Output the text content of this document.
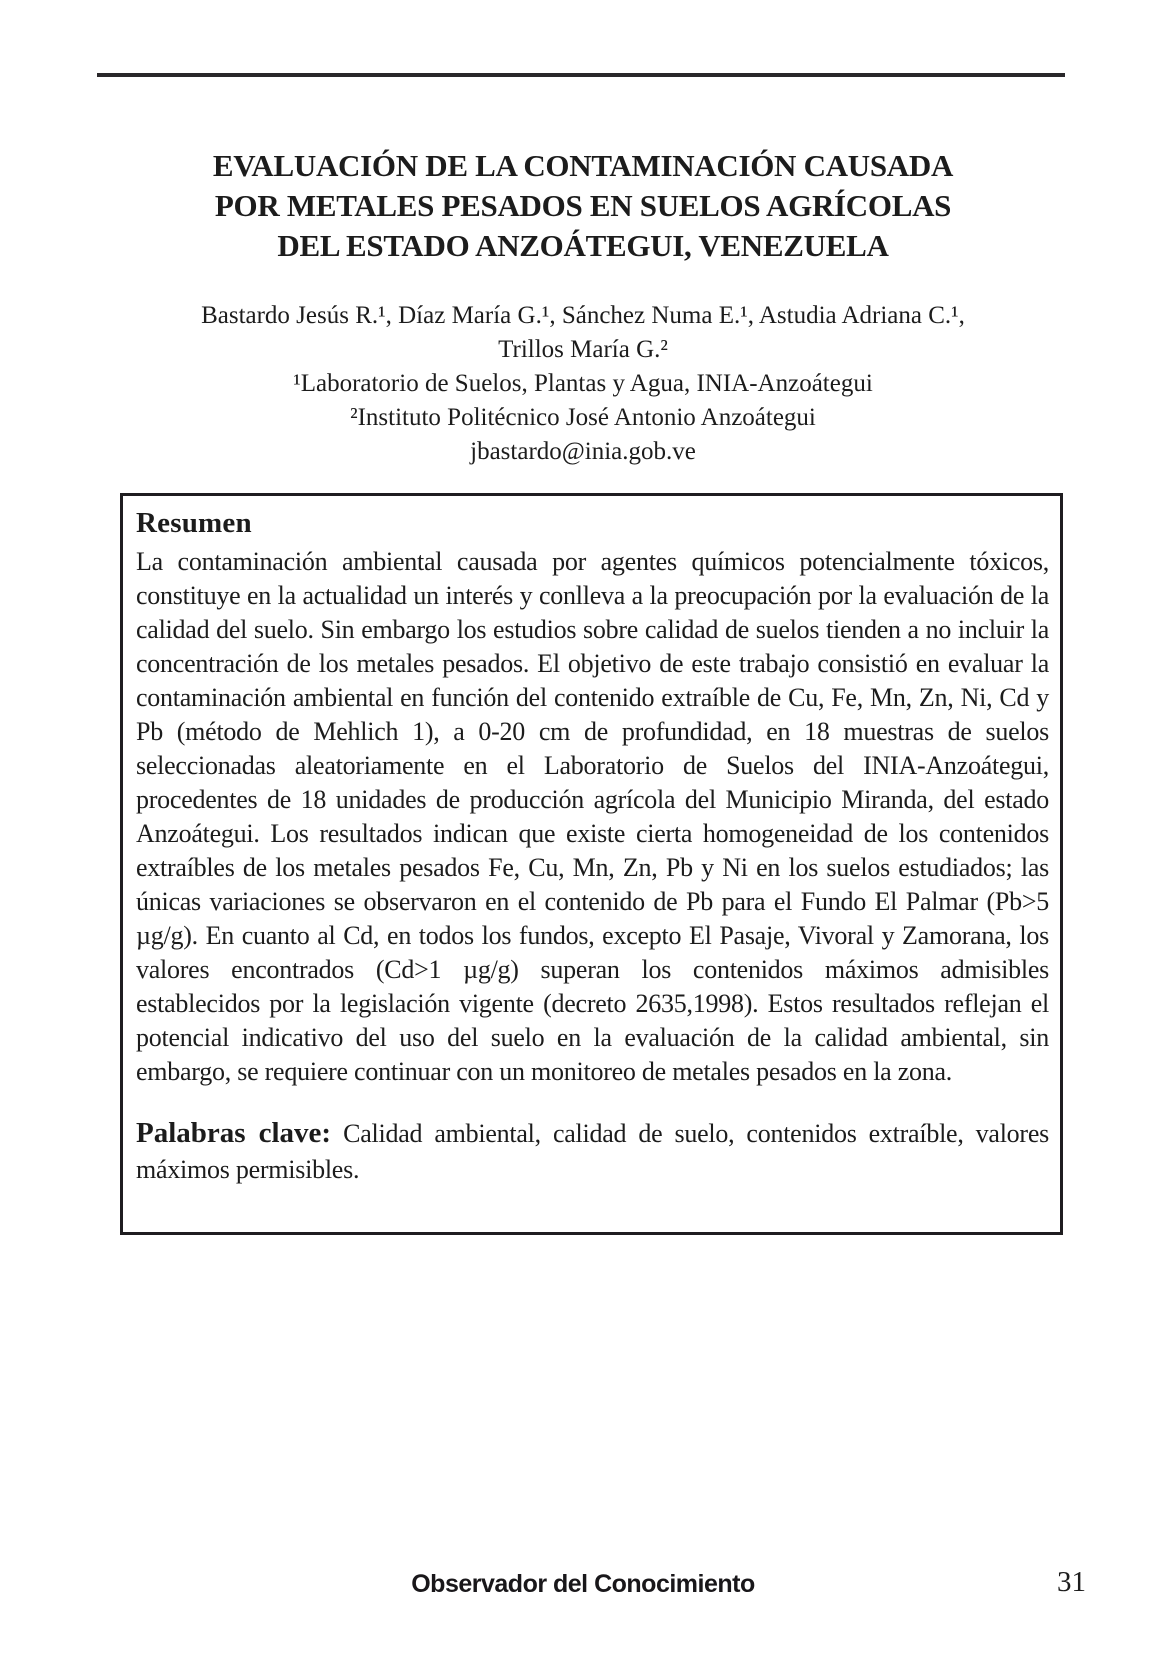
EVALUACIÓN DE LA CONTAMINACIÓN CAUSADA
POR METALES PESADOS EN SUELOS AGRÍCOLAS
DEL ESTADO ANZOÁTEGUI, VENEZUELA
Bastardo Jesús R.¹, Díaz María G.¹, Sánchez Numa E.¹, Astudia Adriana C.¹,
Trillos María G.²
¹Laboratorio de Suelos, Plantas y Agua, INIA-Anzoátegui
²Instituto Politécnico José Antonio Anzoátegui
jbastardo@inia.gob.ve
Resumen

La contaminación ambiental causada por agentes químicos potencialmente tóxicos, constituye en la actualidad un interés y conlleva a la preocupación por la evaluación de la calidad del suelo. Sin embargo los estudios sobre calidad de suelos tienden a no incluir la concentración de los metales pesados. El objetivo de este trabajo consistió en evaluar la contaminación ambiental en función del contenido extraíble de Cu, Fe, Mn, Zn, Ni, Cd y Pb (método de Mehlich 1), a 0-20 cm de profundidad, en 18 muestras de suelos seleccionadas aleatoriamente en el Laboratorio de Suelos del INIA-Anzoátegui, procedentes de 18 unidades de producción agrícola del Municipio Miranda, del estado Anzoátegui. Los resultados indican que existe cierta homogeneidad de los contenidos extraíbles de los metales pesados Fe, Cu, Mn, Zn, Pb y Ni en los suelos estudiados; las únicas variaciones se observaron en el contenido de Pb para el Fundo El Palmar (Pb>5 µg/g). En cuanto al Cd, en todos los fundos, excepto El Pasaje, Vivoral y Zamorana, los valores encontrados (Cd>1 µg/g) superan los contenidos máximos admisibles establecidos por la legislación vigente (decreto 2635,1998). Estos resultados reflejan el potencial indicativo del uso del suelo en la evaluación de la calidad ambiental, sin embargo, se requiere continuar con un monitoreo de metales pesados en la zona.

Palabras clave: Calidad ambiental, calidad de suelo, contenidos extraíble, valores máximos permisibles.

Observador del Conocimiento	31
